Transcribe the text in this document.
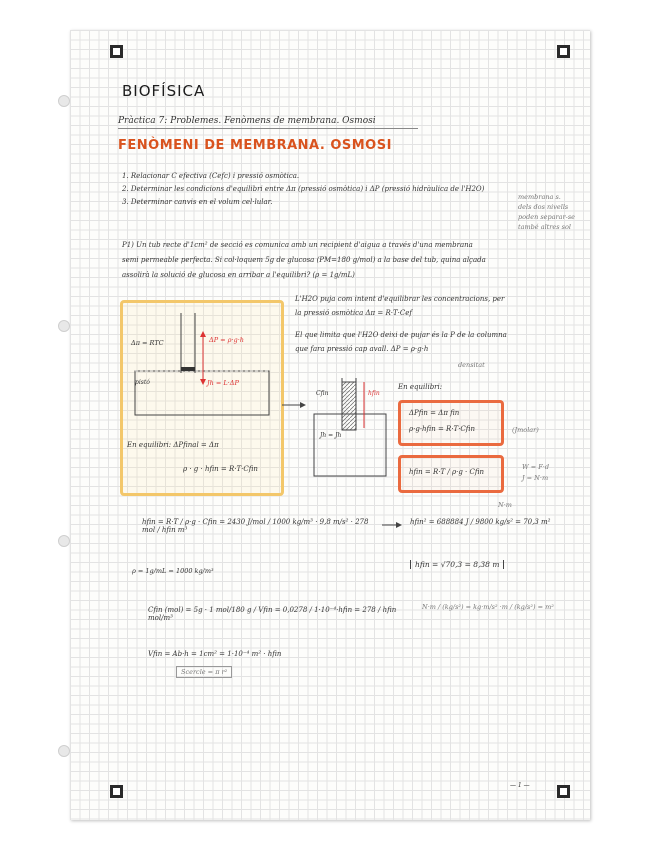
BIOFÍSICA
Pràctica 7: Problemes. Fenòmens de membrana. Osmosi
FENÒMENI DE MEMBRANA. OSMOSI
1. Relacionar C efectiva (Cefc) i pressió osmòtica.
2. Determinar les condicions d'equilibri entre Δπ (pressió osmòtica) i ΔP (pressió hidràulica de l'H2O)
3. Determinar canvis en el volum cel·lular.
membrana s.
dels dos nivells
poden separar-se
també altres sol
P1) Un tub recte d'1cm² de secció es comunica amb un recipient d'aigua a través d'una membrana
semi permeable perfecta. Si col·loquem 5g de glucosa (PM=180 g/mol) a la base del tub, quina alçada
assolirà la solució de glucosa en arribar a l'equilibri? (ρ = 1g/mL)
Δπ = RTC	ΔP = ρ·g·h
pistó	Jh = L·ΔP
En equilibri: ΔPfinal = Δπ
ρ · g · hfin = R·T·Cfin
L'H2O puja com intent d'equilibrar les concentracions, per
la pressió osmòtica Δπ = R·T·Cef
El que limita que l'H2O deixi de pujar és la P de la columna
que fara pressió cap avall. ΔP = ρ·g·h
densitat
Cfin	hfin
Jh = Jh
En equilibri:
ΔPfin = Δπ fin
ρ·g·hfin = R·T·Cfin	(Jmolar)
hfin = R·T / ρ·g · Cfin
W = F·d
J = N·m
hfin = R·T / ρ·g · Cfin = 2430 J/mol / 1000 kg/m³ · 9,8 m/s² · 278 mol / hfin m³
hfin² = 688884 J / 9800 kg/s² = 70,3 m²
N·m
ρ = 1g/mL = 1000 kg/m³
hfin = √70,3 = 8,38 m
Cfin (mol) = 5g · 1 mol/180 g / Vfin = 0,0278 / 1·10⁻⁴·hfin = 278 / hfin mol/m³
N·m / (kg/s²) = kg·m/s² ·m / (kg/s²) = m²
Vfin = Ab·h = 1cm² = 1·10⁻⁴ m² · hfin
Scercle = π r²
— 1 —
